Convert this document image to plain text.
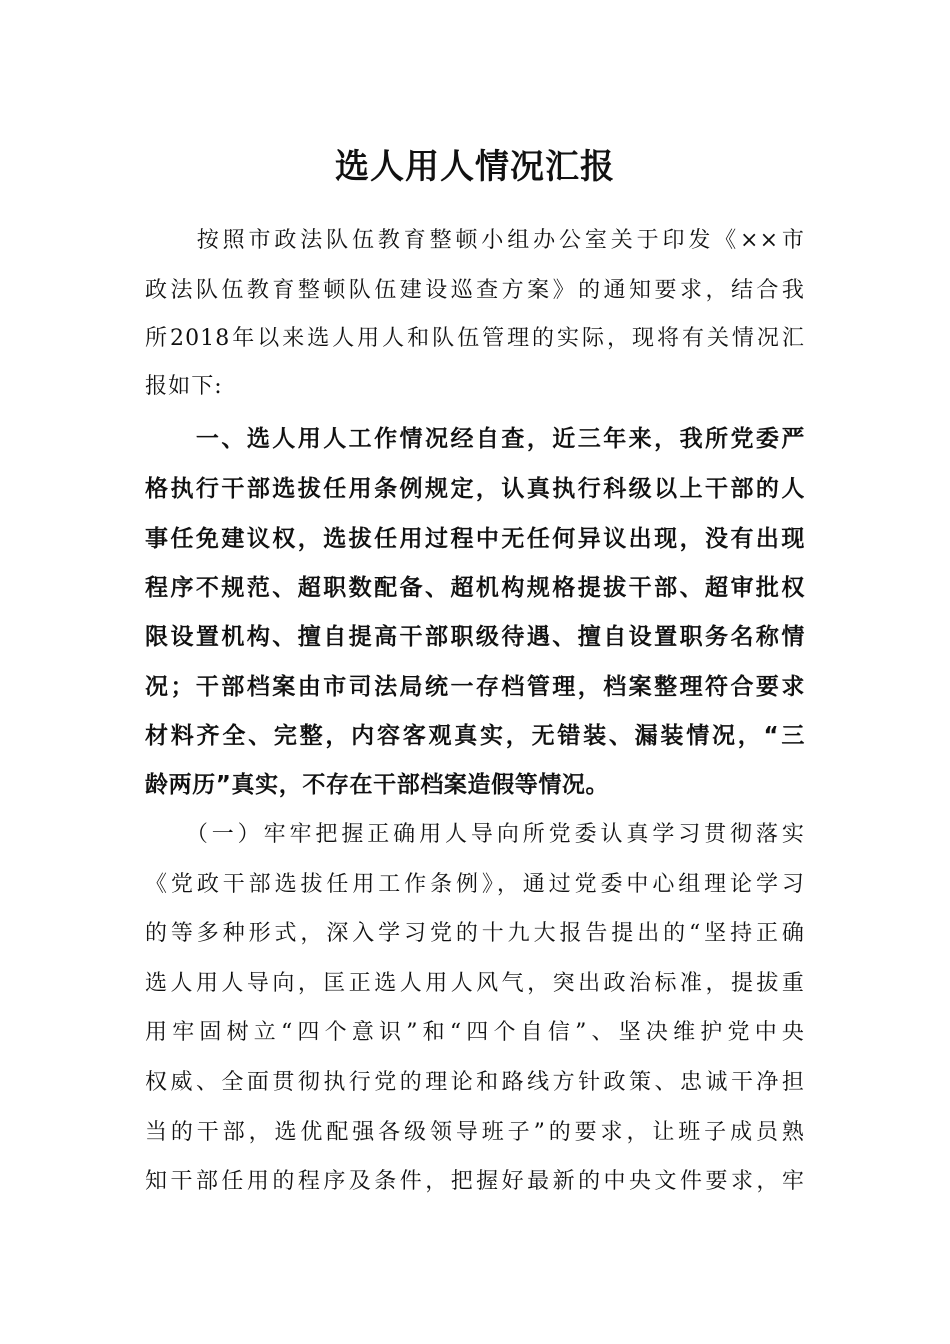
选人用人情况汇报
　　按照市政法队伍教育整顿小组办公室关于印发《××市
政法队伍教育整顿队伍建设巡查方案》的通知要求，结合我
所2018年以来选人用人和队伍管理的实际，现将有关情况汇
报如下:
　　一、选人用人工作情况经自查，近三年来，我所党委严
格执行干部选拔任用条例规定，认真执行科级以上干部的人
事任免建议权，选拔任用过程中无任何异议出现，没有出现
程序不规范、超职数配备、超机构规格提拔干部、超审批权
限设置机构、擅自提高干部职级待遇、擅自设置职务名称情
况；干部档案由市司法局统一存档管理，档案整理符合要求
材料齐全、完整，内容客观真实，无错装、漏装情况，“三
龄两历”真实，不存在干部档案造假等情况。
　　（一）牢牢把握正确用人导向所党委认真学习贯彻落实
《党政干部选拔任用工作条例》，通过党委中心组理论学习
的等多种形式，深入学习党的十九大报告提出的“坚持正确
选人用人导向，匡正选人用人风气，突出政治标准，提拔重
用牢固树立“四个意识”和“四个自信”、坚决维护党中央
权威、全面贯彻执行党的理论和路线方针政策、忠诚干净担
当的干部，选优配强各级领导班子”的要求，让班子成员熟
知干部任用的程序及条件，把握好最新的中央文件要求，牢
